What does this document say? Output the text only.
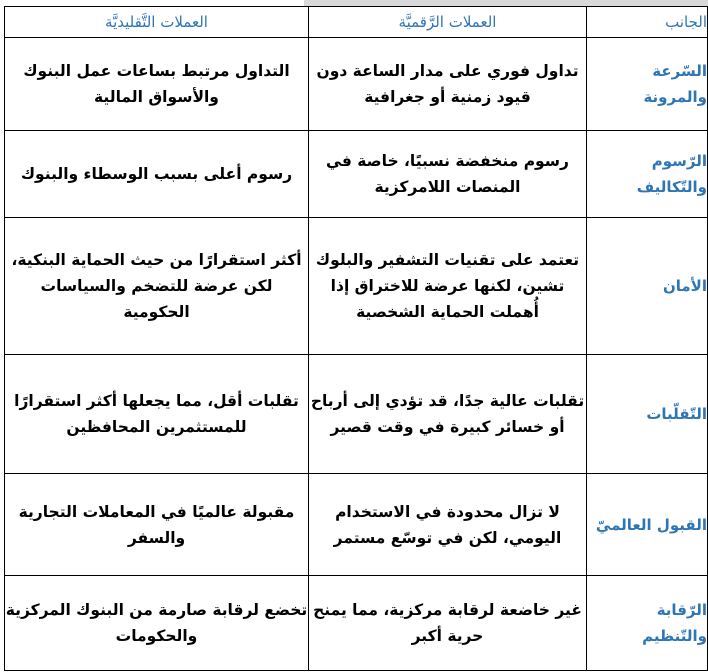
الجانب	العملات الرَّقميَّة	العملات التَّقليديَّة
السّرعة والمرونة	تداول فوري على مدار الساعة دون قيود زمنية أو جغرافية	التداول مرتبط بساعات عمل البنوك والأسواق المالية

الرّسوم والتّكاليف	رسوم منخفضة نسبيًا، خاصة في المنصات اللامركزية	رسوم أعلى بسبب الوسطاء والبنوك

الأمان	تعتمد على تقنيات التشفير والبلوك تشين، لكنها عرضة للاختراق إذا أُهملت الحماية الشخصية	أكثر استقرارًا من حيث الحماية البنكية، لكن عرضة للتضخم والسياسات الحكومية

التّقلّبات	تقلبات عالية جدًا، قد تؤدي إلى أرباح أو خسائر كبيرة في وقت قصير	تقلبات أقل، مما يجعلها أكثر استقرارًا للمستثمرين المحافظين

القبول العالميّ	لا تزال محدودة في الاستخدام اليومي، لكن في توسّع مستمر	مقبولة عالميًا في المعاملات التجارية والسفر

الرّقابة والتّنظيم	غير خاضعة لرقابة مركزية، مما يمنح حرية أكبر	تخضع لرقابة صارمة من البنوك المركزية والحكومات
